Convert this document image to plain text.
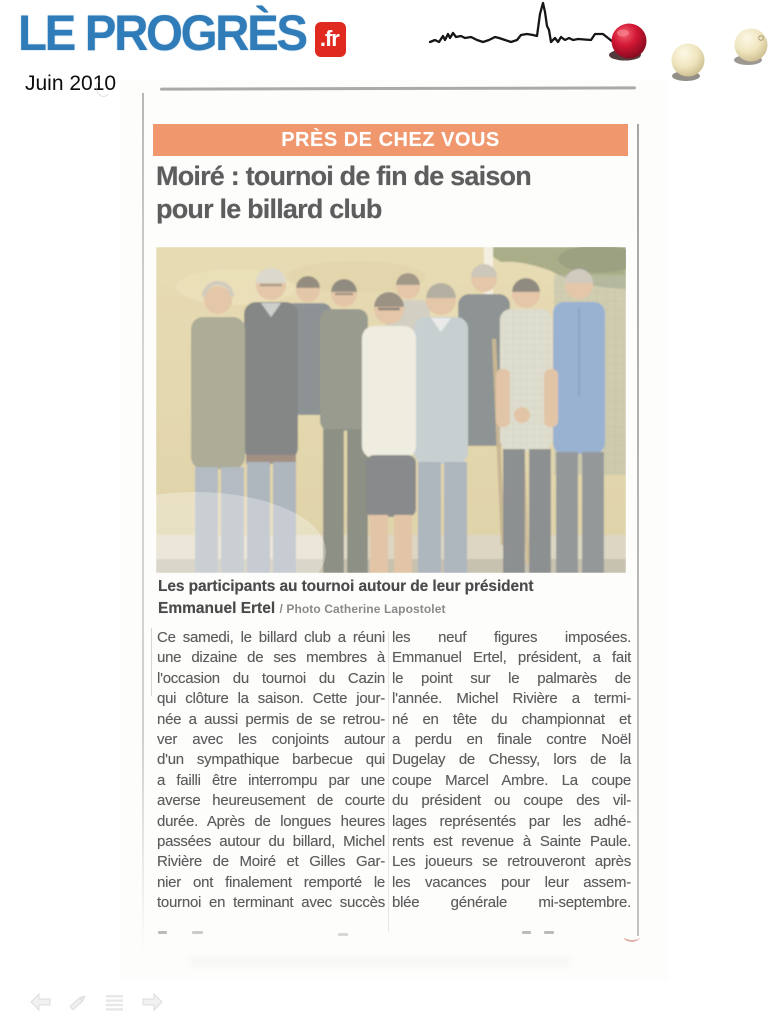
LE PROGRÈS .fr
Juin 2010
PRÈS DE CHEZ VOUS
Moiré : tournoi de fin de saison
pour le billard club
Les participants au tournoi autour de leur président
Emmanuel Ertel / Photo Catherine Lapostolet
Ce samedi, le billard club a réuni
une dizaine de ses membres à
l'occasion du tournoi du Cazin
qui clôture la saison. Cette jour-
née a aussi permis de se retrou-
ver avec les conjoints autour
d'un sympathique barbecue qui
a failli être interrompu par une
averse heureusement de courte
durée. Après de longues heures
passées autour du billard, Michel
Rivière de Moiré et Gilles Gar-
nier ont finalement remporté le
tournoi en terminant avec succès
les neuf figures imposées.
Emmanuel Ertel, président, a fait
le point sur le palmarès de
l'année. Michel Rivière a termi-
né en tête du championnat et
a perdu en finale contre Noël
Dugelay de Chessy, lors de la
coupe Marcel Ambre. La coupe
du président ou coupe des vil-
lages représentés par les adhé-
rents est revenue à Sainte Paule.
Les joueurs se retrouveront après
les vacances pour leur assem-
blée générale mi-septembre.
